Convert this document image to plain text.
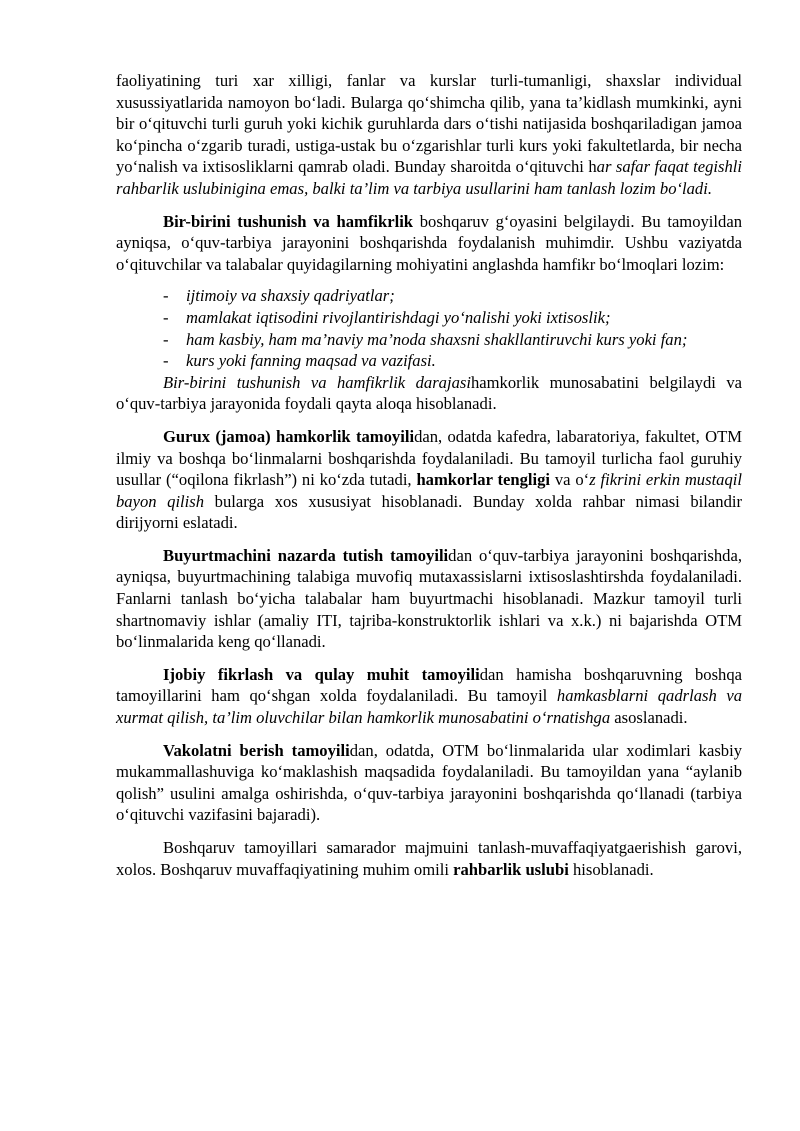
faoliyatining turi xar xilligi, fanlar va kurslar turli-tumanligi, shaxslar individual xusussiyatlarida namoyon bo‘ladi. Bularga qo‘shimcha qilib, yana ta’kidlash mumkinki, ayni bir o‘qituvchi turli guruh yoki kichik guruhlarda dars o‘tishi natijasida boshqariladigan jamoa ko‘pincha o‘zgarib turadi, ustiga-ustak bu o‘zgarishlar turli kurs yoki fakultetlarda, bir necha yo‘nalish va ixtisosliklarni qamrab oladi. Bunday sharoitda o‘qituvchi har safar faqat tegishli rahbarlik uslubinigina emas, balki ta’lim va tarbiya usullarini ham tanlash lozim bo‘ladi.

Bir-birini tushunish va hamfikrlik boshqaruv g‘oyasini belgilaydi. Bu tamoyildan ayniqsa, o‘quv-tarbiya jarayonini boshqarishda foydalanish muhimdir. Ushbu vaziyatda o‘qituvchilar va talabalar quyidagilarning mohiyatini anglashda hamfikr bo‘lmoqlari lozim:

- ijtimoiy va shaxsiy qadriyatlar;
- mamlakat iqtisodini rivojlantirishdagi yo‘nalishi yoki ixtisoslik;
- ham kasbiy, ham ma’naviy ma’noda shaxsni shakllantiruvchi kurs yoki fan;
- kurs yoki fanning maqsad va vazifasi.

Bir-birini tushunish va hamfikrlik darajasihamkorlik munosabatini belgilaydi va o‘quv-tarbiya jarayonida foydali qayta aloqa hisoblanadi.

Gurux (jamoa) hamkorlik tamoyilidan, odatda kafedra, labaratoriya, fakultet, OTM ilmiy va boshqa bo‘linmalarni boshqarishda foydalaniladi. Bu tamoyil turlicha faol guruhiy usullar (“oqilona fikrlash”) ni ko‘zda tutadi, hamkorlar tengligi va o‘z fikrini erkin mustaqil bayon qilish bularga xos xususiyat hisoblanadi. Bunday xolda rahbar nimasi bilandir dirijyorni eslatadi.

Buyurtmachini nazarda tutish tamoyilidan o‘quv-tarbiya jarayonini boshqarishda, ayniqsa, buyurtmachining talabiga muvofiq mutaxassislarni ixtisoslashtirshda foydalaniladi. Fanlarni tanlash bo‘yicha talabalar ham buyurtmachi hisoblanadi. Mazkur tamoyil turli shartnomaviy ishlar (amaliy ITI, tajriba-konstruktorlik ishlari va x.k.) ni bajarishda OTM bo‘linmalarida keng qo‘llanadi.

Ijobiy fikrlash va qulay muhit tamoyilidan hamisha boshqaruvning boshqa tamoyillarini ham qo‘shgan xolda foydalaniladi. Bu tamoyil hamkasblarni qadrlash va xurmat qilish, ta’lim oluvchilar bilan hamkorlik munosabatini o‘rnatishga asoslanadi.

Vakolatni berish tamoyilidan, odatda, OTM bo‘linmalarida ular xodimlari kasbiy mukammallashuviga ko‘maklashish maqsadida foydalaniladi. Bu tamoyildan yana “aylanib qolish” usulini amalga oshirishda, o‘quv-tarbiya jarayonini boshqarishda qo‘llanadi (tarbiya o‘qituvchi vazifasini bajaradi).

Boshqaruv tamoyillari samarador majmuini tanlash-muvaffaqiyatgaerishish garovi, xolos. Boshqaruv muvaffaqiyatining muhim omili rahbarlik uslubi hisoblanadi.
